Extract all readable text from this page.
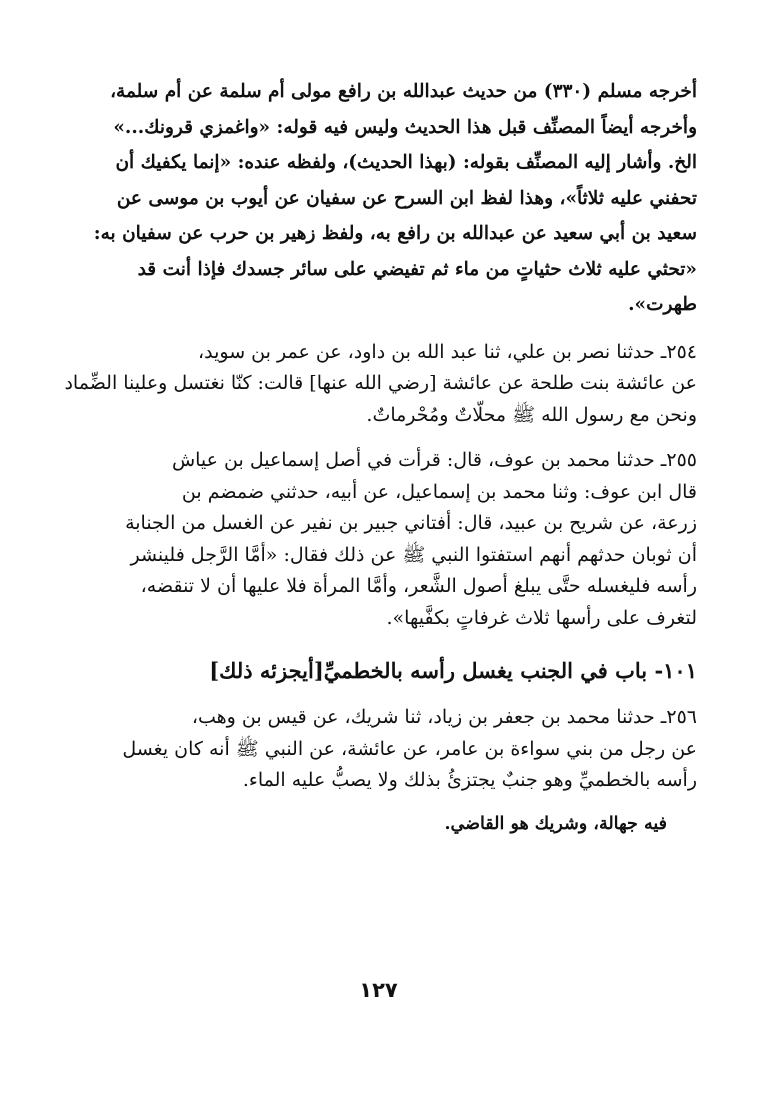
أخرجه مسلم (٣٣٠) من حديث عبدالله بن رافع مولى أم سلمة عن أم سلمة،

وأخرجه أيضاً المصنِّف قبل هذا الحديث وليس فيه قوله: «واغمزي قرونك...»

الخ. وأشار إليه المصنِّف بقوله: (بهذا الحديث)، ولفظه عنده: «إنما يكفيك أن

تحفني عليه ثلاثاً»، وهذا لفظ ابن السرح عن سفيان عن أيوب بن موسى عن

سعيد بن أبي سعيد عن عبدالله بن رافع به، ولفظ زهير بن حرب عن سفيان به:

«تحثي عليه ثلاث حثياتٍ من ماء ثم تفيضي على سائر جسدك فإذا أنت قد

طهرت».

٢٥٤ـ حدثنا نصر بن علي، ثنا عبد الله بن داود، عن عمر بن سويد،

عن عائشة بنت طلحة عن عائشة [رضي الله عنها] قالت: كنّا نغتسل وعلينا الضِّماد

ونحن مع رسول الله ﷺ محلّاتٌ ومُحْرماتٌ.

٢٥٥ـ حدثنا محمد بن عوف، قال: قرأت في أصل إسماعيل بن عياش

قال ابن عوف: وثنا محمد بن إسماعيل، عن أبيه، حدثني ضمضم بن

زرعة، عن شريح بن عبيد، قال: أفتاني جبير بن نفير عن الغسل من الجنابة

أن ثوبان حدثهم أنهم استفتوا النبي ﷺ عن ذلك فقال: «أمَّا الرَّجل فلينشر

رأسه فليغسله حتَّى يبلغ أصول الشَّعر، وأمَّا المرأة فلا عليها أن لا تنقضه،

لتغرف على رأسها ثلاث غرفاتٍ بكفَّيها».

١٠١- باب في الجنب يغسل رأسه بالخطميِّ[أيجزئه ذلك]

٢٥٦ـ حدثنا محمد بن جعفر بن زياد، ثنا شريك، عن قيس بن وهب،

عن رجل من بني سواءة بن عامر، عن عائشة، عن النبي ﷺ أنه كان يغسل

رأسه بالخطميِّ وهو جنبٌ يجتزئُ بذلك ولا يصبُّ عليه الماء.

فيه جهالة، وشريك هو القاضي.
١٢٧
